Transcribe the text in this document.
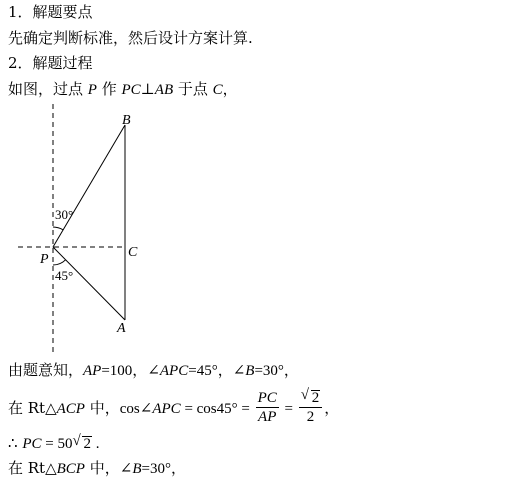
1．解题要点
先确定判断标准，然后设计方案计算.
2．解题过程
如图，过点 P 作 PC⊥AB 于点 C，
B
C
P
A
30°
45°
由题意知，AP=100，∠APC=45°，∠B=30°，
在 Rt△ACP 中，cos∠APC = $\cos 45^\circ = \frac{PC}{AP} = \frac{√ 2}{2}$ ，
∴ PC = 50 √ 2 .
在 Rt△BCP 中，∠B=30°，
